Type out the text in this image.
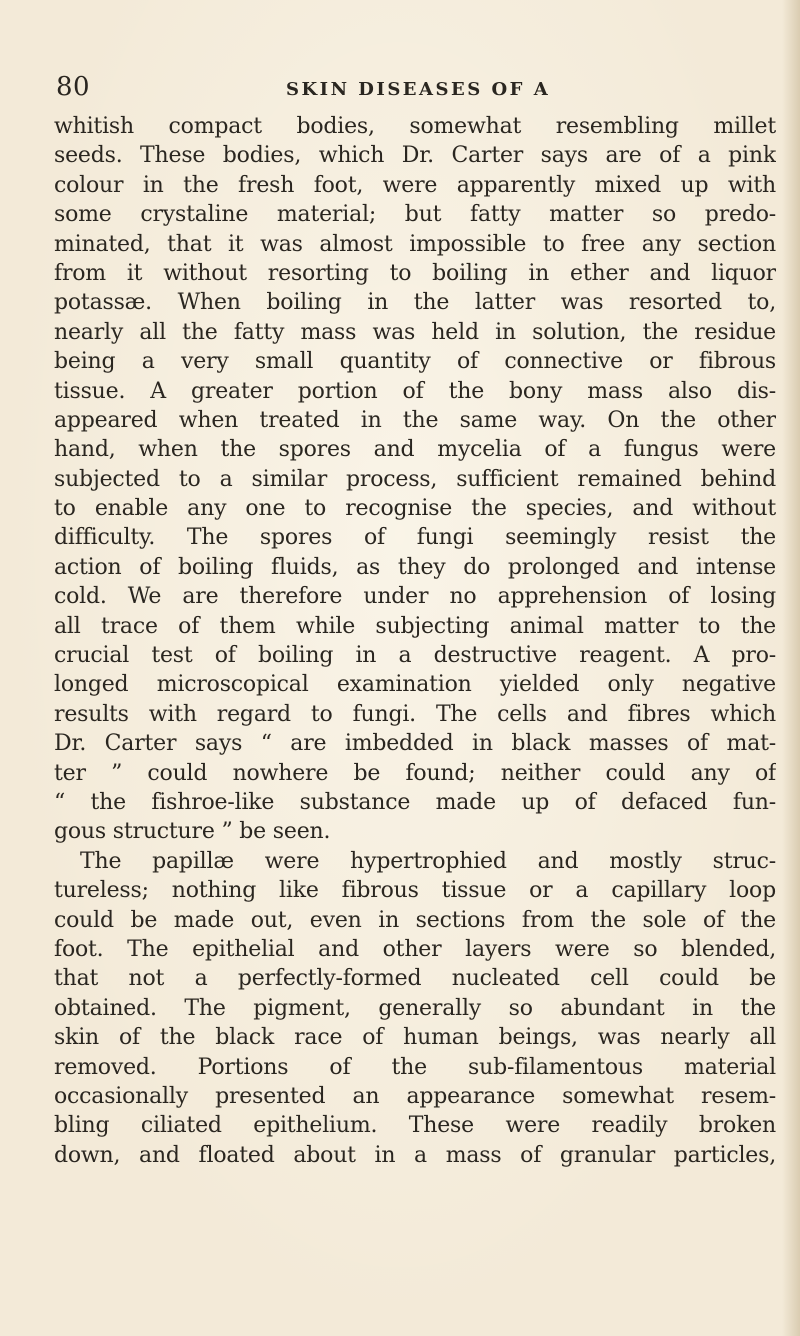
80	SKIN DISEASES OF A
whitish compact bodies, somewhat resembling millet
seeds. These bodies, which Dr. Carter says are of a pink
colour in the fresh foot, were apparently mixed up with
some crystaline material; but fatty matter so predo-
minated, that it was almost impossible to free any section
from it without resorting to boiling in ether and liquor
potassæ. When boiling in the latter was resorted to,
nearly all the fatty mass was held in solution, the residue
being a very small quantity of connective or fibrous
tissue. A greater portion of the bony mass also dis-
appeared when treated in the same way. On the other
hand, when the spores and mycelia of a fungus were
subjected to a similar process, sufficient remained behind
to enable any one to recognise the species, and without
difficulty. The spores of fungi seemingly resist the
action of boiling fluids, as they do prolonged and intense
cold. We are therefore under no apprehension of losing
all trace of them while subjecting animal matter to the
crucial test of boiling in a destructive reagent. A pro-
longed microscopical examination yielded only negative
results with regard to fungi. The cells and fibres which
Dr. Carter says “ are imbedded in black masses of mat-
ter ” could nowhere be found; neither could any of
“ the fishroe-like substance made up of defaced fun-
gous structure ” be seen.
The papillæ were hypertrophied and mostly struc-
tureless; nothing like fibrous tissue or a capillary loop
could be made out, even in sections from the sole of the
foot. The epithelial and other layers were so blended,
that not a perfectly-formed nucleated cell could be
obtained. The pigment, generally so abundant in the
skin of the black race of human beings, was nearly all
removed. Portions of the sub-filamentous material
occasionally presented an appearance somewhat resem-
bling ciliated epithelium. These were readily broken
down, and floated about in a mass of granular particles,
